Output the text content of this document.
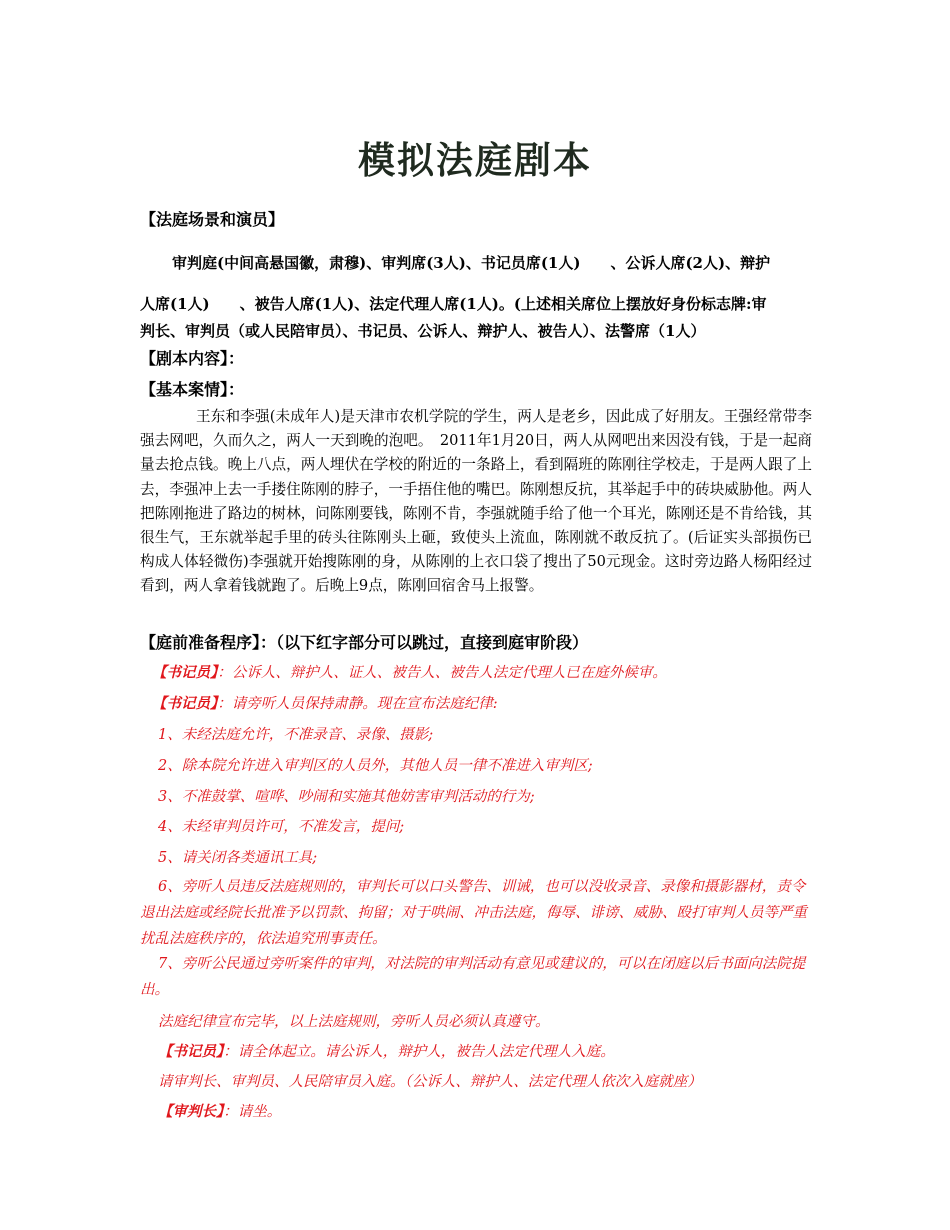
模拟法庭剧本
【法庭场景和演员】
审判庭(中间高悬国徽，肃穆)、审判席(3人)、书记员席(1人)　　、公诉人席(2人)、辩护
人席(1人)　　、被告人席(1人)、法定代理人席(1人)。(上述相关席位上摆放好身份标志牌:审
判长、审判员（或人民陪审员）、书记员、公诉人、辩护人、被告人）、法警席（1人）
【剧本内容】：
【基本案情】：

王东和李强(未成年人)是天津市农机学院的学生，两人是老乡，因此成了好朋友。王强经常带李强去网吧，久而久之，两人一天到晚的泡吧。　2011年1月20日，两人从网吧出来因没有钱，于是一起商量去抢点钱。晚上八点，两人埋伏在学校的附近的一条路上，看到隔班的陈刚往学校走，于是两人跟了上去，李强冲上去一手搂住陈刚的脖子，一手捂住他的嘴巴。陈刚想反抗，其举起手中的砖块威胁他。两人把陈刚拖进了路边的树林，问陈刚要钱，陈刚不肯，李强就随手给了他一个耳光，陈刚还是不肯给钱，其很生气，王东就举起手里的砖头往陈刚头上砸，致使头上流血，陈刚就不敢反抗了。(后证实头部损伤已构成人体轻微伤)李强就开始搜陈刚的身，从陈刚的上衣口袋了搜出了50元现金。这时旁边路人杨阳经过看到，两人拿着钱就跑了。后晚上9点，陈刚回宿舍马上报警。

【庭前准备程序】：（以下红字部分可以跳过，直接到庭审阶段）
【书记员】：公诉人、辩护人、证人、被告人、被告人法定代理人已在庭外候审。
【书记员】：请旁听人员保持肃静。现在宣布法庭纪律:
1、未经法庭允许，不准录音、录像、摄影;
2、除本院允许进入审判区的人员外，其他人员一律不准进入审判区;
3、不准鼓掌、喧哗、吵闹和实施其他妨害审判活动的行为;
4、未经审判员许可，不准发言，提问;
5、请关闭各类通讯工具;
6、旁听人员违反法庭规则的，审判长可以口头警告、训诫，也可以没收录音、录像和摄影器材，责令退出法庭或经院长批准予以罚款、拘留；对于哄闹、冲击法庭，侮辱、诽谤、威胁、殴打审判人员等严重扰乱法庭秩序的，依法追究刑事责任。
7、旁听公民通过旁听案件的审判，对法院的审判活动有意见或建议的，可以在闭庭以后书面向法院提出。
法庭纪律宣布完毕，以上法庭规则，旁听人员必须认真遵守。
【书记员】：请全体起立。请公诉人，辩护人，被告人法定代理人入庭。
请审判长、审判员、人民陪审员入庭。（公诉人、辩护人、法定代理人依次入庭就座）
【审判长】：请坐。
